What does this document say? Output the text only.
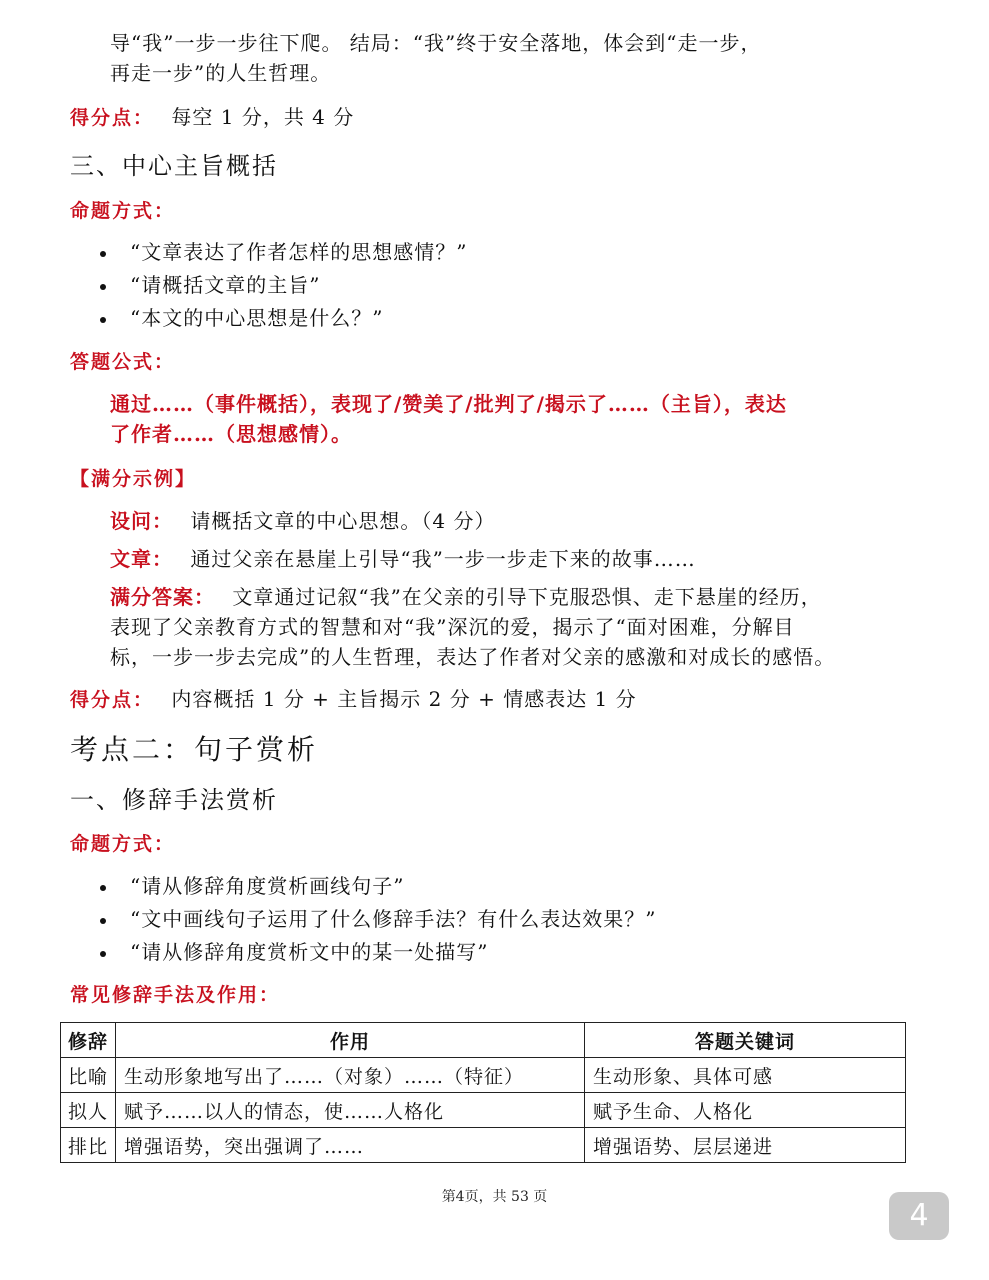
导“我”一步一步往下爬。 结局：“我”终于安全落地，体会到“走一步，
再走一步”的人生哲理。
得分点： 每空 1 分，共 4 分
三、中心主旨概括
命题方式：
“文章表达了作者怎样的思想感情？”
“请概括文章的主旨”
“本文的中心思想是什么？”
答题公式：
通过……（事件概括），表现了/赞美了/批判了/揭示了……（主旨），表达
了作者……（思想感情）。
【满分示例】
设问： 请概括文章的中心思想。（4 分）
文章： 通过父亲在悬崖上引导“我”一步一步走下来的故事……
满分答案： 文章通过记叙“我”在父亲的引导下克服恐惧、走下悬崖的经历，
表现了父亲教育方式的智慧和对“我”深沉的爱，揭示了“面对困难，分解目
标，一步一步去完成”的人生哲理，表达了作者对父亲的感激和对成长的感悟。
得分点： 内容概括 1 分 + 主旨揭示 2 分 + 情感表达 1 分
考点二：句子赏析
一、修辞手法赏析
命题方式：
“请从修辞角度赏析画线句子”
“文中画线句子运用了什么修辞手法？有什么表达效果？”
“请从修辞角度赏析文中的某一处描写”
常见修辞手法及作用：
修辞	作用	答题关键词
比喻	生动形象地写出了……（对象）……（特征）	生动形象、具体可感
拟人	赋予……以人的情态，使……人格化	赋予生命、人格化
排比	增强语势，突出强调了……	增强语势、层层递进
第4页，共 53 页
4
